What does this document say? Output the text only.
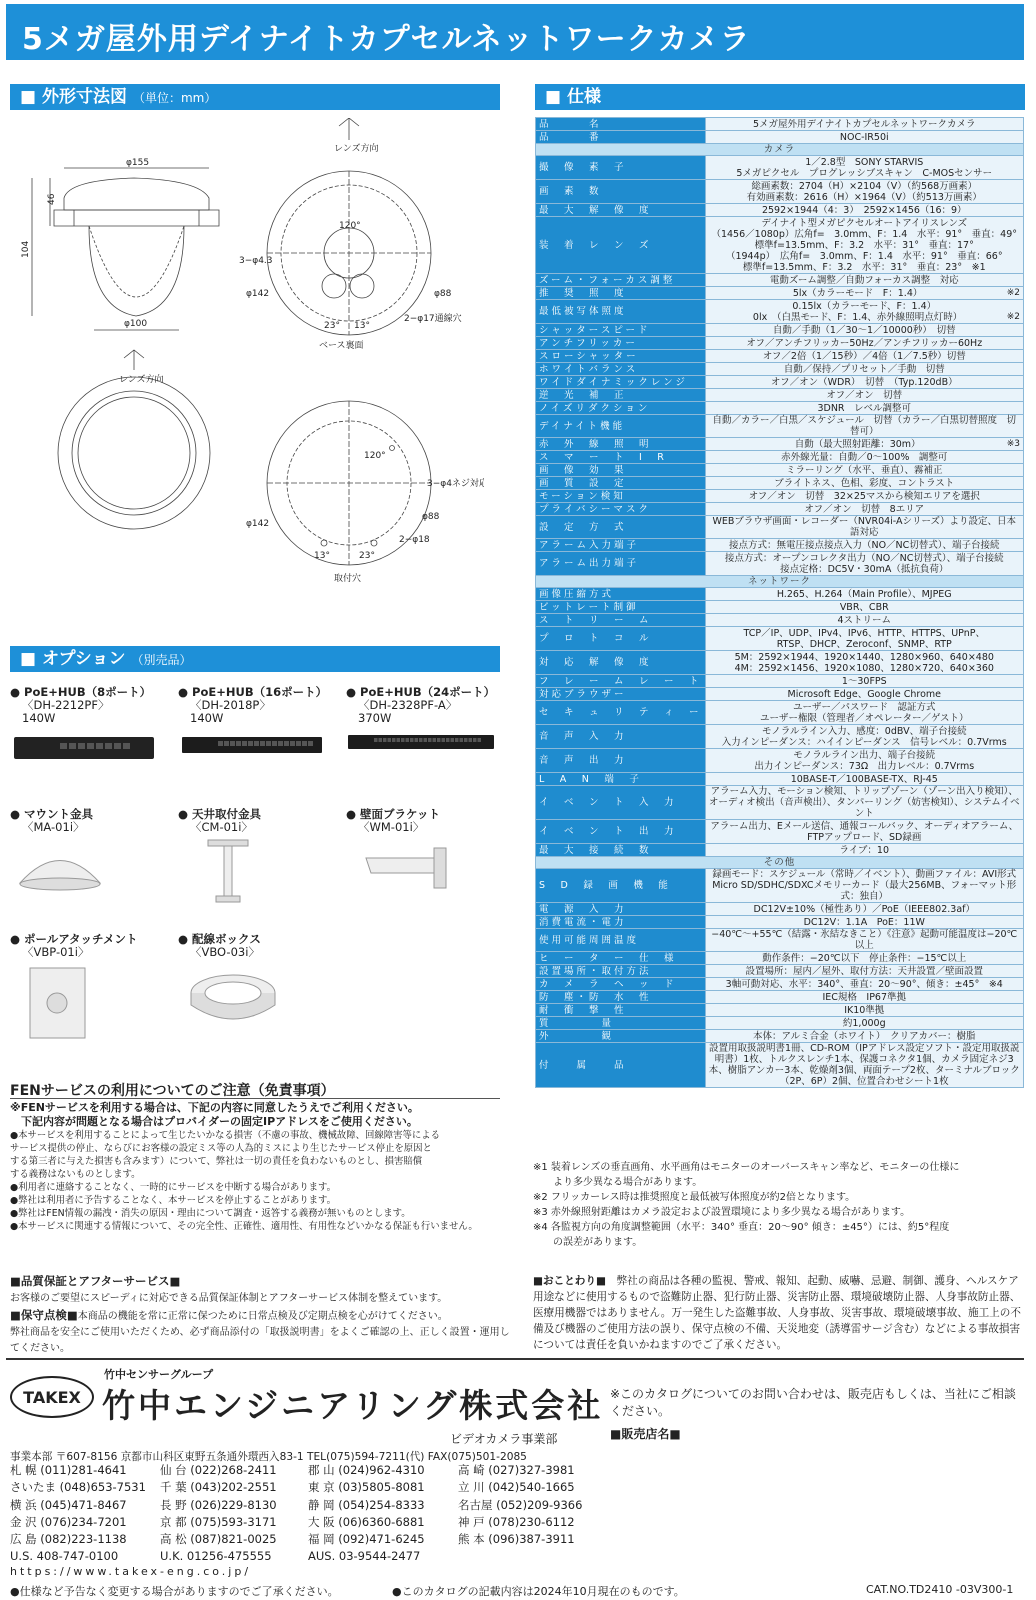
5メガ屋外用デイナイトカプセルネットワークカメラ
■ 外形寸法図 （単位：mm）	■ 仕様
φ155
46
104
φ100
レンズ方向
120°
3−φ4.3
φ142	φ88
23° 13°
2−φ17通線穴
ベース裏面
レンズ方向
120°
3−φ4ネジ対応
φ142
φ88
2−φ18
13°	23°
取付穴
品　　　名	5メガ屋外用デイナイトカプセルネットワークカメラ
品　　　番	NOC-IR50i
カメラ	
撮　像　素　子	1／2.8型　SONY STARVIS
5メガピクセル　プログレッシブスキャン　C-MOSセンサー
画　素　数	総画素数：2704（H）×2104（V）（約568万画素）
有効画素数：2616（H）×1964（V）（約513万画素）
最　大　解　像　度	2592×1944（4：3）　2592×1456（16：9）
装　着　レ　ン　ズ	デイナイト型メガピクセルオートアイリスレンズ
（1456／1080p）広角f=　3.0mm、F：1.4　水平：91°　垂直：49°
標準f=13.5mm、F：3.2　水平：31°　垂直：17°
（1944p）　広角f=　3.0mm、F：1.4　水平：91°　垂直：66°
標準f=13.5mm、F：3.2　水平：31°　垂直：23°　※1
ズーム・フォーカス調整	電動ズーム調整／自動フォーカス調整　対応
推　奨　照　度	5lx（カラーモード　F：1.4） ※2

最低被写体照度	0.15lx（カラーモード、F：1.4）
0lx　（白黒モード、F：1.4、赤外線照明点灯時） ※2

シャッタースピード	自動／手動（1／30〜1／10000秒）　切替
アンチフリッカー	オフ／アンチフリッカー50Hz／アンチフリッカー60Hz
スローシャッター	オフ／2倍（1／15秒）／4倍（1／7.5秒）切替
ホワイトバランス	自動／保持／プリセット／手動　切替
ワイドダイナミックレンジ	オフ／オン（WDR）　切替　（Typ.120dB）
逆　光　補　正	オフ／オン　切替
ノイズリダクション	3DNR　レベル調整可
デイナイト機能	自動／カラー／白黒／スケジュール　切替（カラー／白黒切替照度　切替可）
赤　外　線　照　明	自動（最大照射距離：30m） ※3

ス　マ　ー　ト　I　R	赤外線光量：自動／0〜100%　調整可
画　像　効　果	ミラーリング（水平、垂直）、霧補正
画　質　設　定	ブライトネス、色相、彩度、コントラスト
モーション検知	オフ／オン　切替　32×25マスから検知エリアを選択
プライバシーマスク	オフ／オン　切替　8エリア
設　定　方　式	WEBブラウザ画面・レコーダー（NVR04i-Aシリーズ）より設定、日本語対応
アラーム入力端子	接点方式：無電圧接点接点入力（NO／NC切替式）、端子台接続
アラーム出力端子	接点方式：オープンコレクタ出力（NO／NC切替式）、端子台接続
接点定格：DC5V・30mA（抵抗負荷）
ネットワーク	
画像圧縮方式	H.265、H.264（Main Profile）、MJPEG
ビットレート制御	VBR、CBR
ス　ト　リ　ー　ム	4ストリーム
プ　ロ　ト　コ　ル	TCP／IP、UDP、IPv4、IPv6、HTTP、HTTPS、UPnP、
RTSP、DHCP、Zeroconf、SNMP、RTP
対　応　解　像　度	5M：2592×1944、1920×1440、1280×960、640×480
4M：2592×1456、1920×1080、1280×720、640×360
フ　レ　ー　ム　レ　ー　ト	1〜30FPS
対応ブラウザー	Microsoft Edge、Google Chrome
セ　キ　ュ　リ　テ　ィ　ー	ユーザー／パスワード　認証方式
ユーザー権限（管理者／オペレーター／ゲスト）
音　声　入　力	モノラルライン入力、感度：0dBV、端子台接続
入力インピーダンス：ハイインピーダンス　信号レベル：0.7Vrms
音　声　出　力	モノラルライン出力、端子台接続
出力インピーダンス：73Ω　出力レベル：0.7Vrms
L　A　N　端　子	10BASE-T／100BASE-TX、RJ-45
イ　ベ　ン　ト　入　力	アラーム入力、モーション検知、トリップゾーン（ゾーン出入り検知）、
オーディオ検出（音声検出）、タンパーリング（妨害検知）、システムイベント
イ　ベ　ン　ト　出　力	アラーム出力、Eメール送信、通報コールバック、オーディオアラーム、
FTPアップロード、SD録画
最　大　接　続　数	ライブ：10
その他	
S　D　録　画　機　能	録画モード：スケジュール（常時／イベント）、動画ファイル：AVI形式
Micro SD/SDHC/SDXCメモリーカード（最大256MB、フォーマット形式：独自）
電　源　入　力	DC12V±10%（極性あり）／PoE（IEEE802.3af）
消費電流・電力	DC12V：1.1A　PoE：11W
使用可能周囲温度	−40℃〜+55℃（結露・氷結なきこと）《注意》起動可能温度は−20℃以上
ヒ　ー　タ　ー　仕　様	動作条件：−20℃以下　停止条件：−15℃以上
設置場所・取付方法	設置場所：屋内／屋外、取付方法：天井設置／壁面設置
カ　メ　ラ　ヘ　ッ　ド	3軸可動対応、水平：340°、垂直：20〜90°、傾き：±45°　※4
防　塵・防　水　性	IEC規格　IP67準拠
耐　衝　撃　性	IK10準拠
質　　　　量	約1,000g
外　　　　観	本体：アルミ合金（ホワイト）　クリアカバー：樹脂
付　　属　　品	設置用取扱説明書1冊、CD-ROM（IPアドレス設定ソフト・設定用取扱説明書）1枚、トルクスレンチ1本、保護コネクタ1個、カメラ固定ネジ3本、樹脂アンカー3本、乾燥剤3個、両面テープ2枚、ターミナルブロック（2P、6P）2個、位置合わせシート1枚
■ オプション （別売品）
● PoE+HUB（8ポート）
〈DH-2212PF〉
140W
● PoE+HUB（16ポート）
〈DH-2018P〉
140W
● PoE+HUB（24ポート）
〈DH-2328PF-A〉
370W
● マウント金具
〈MA-01i〉
● 天井取付金具
〈CM-01i〉
● 壁面ブラケット
〈WM-01i〉
● ポールアタッチメント
〈VBP-01i〉
● 配線ボックス
〈VBO-03i〉
FENサービスの利用についてのご注意（免責事項）
※FENサービスを利用する場合は、下記の内容に同意したうえでご利用ください。
　下記内容が問題となる場合はプロバイダーの固定IPアドレスをご使用ください。
●本サービスを利用することによって生じたいかなる損害（不慮の事故、機械故障、回線障害等による
サービス提供の停止、ならびにお客様の設定ミス等の人為的ミスにより生じたサービス停止を原因と
する第三者に与えた損害も含みます）について、弊社は一切の責任を負わないものとし、損害賠償
する義務はないものとします。
●利用者に連絡することなく、一時的にサービスを中断する場合があります。
●弊社は利用者に予告することなく、本サービスを停止することがあります。
●弊社はFEN情報の漏洩・消失の原因・理由について調査・返答する義務が無いものとします。
●本サービスに関連する情報について、その完全性、正確性、適用性、有用性などいかなる保証も行いません。
※1 装着レンズの垂直画角、水平画角はモニターのオーバースキャン率など、モニターの仕様に
　　より多少異なる場合があります。
※2 フリッカーレス時は推奨照度と最低被写体照度が約2倍となります。
※3 赤外線照射距離はカメラ設定および設置環境により多少異なる場合があります。
※4 各監視方向の角度調整範囲（水平：340° 垂直：20〜90° 傾き：±45°）には、約5°程度
　　の誤差があります。
■品質保証とアフターサービス■
お客様のご要望にスピーディに対応できる品質保証体制とアフターサービス体制を整えています。
■保守点検■本商品の機能を常に正常に保つために日常点検及び定期点検を心がけてください。
弊社商品を安全にご使用いただくため、必ず商品添付の「取扱説明書」をよくご確認の上、正しく設置・運用してください。
■おことわり■　 弊社の商品は各種の監視、警戒、報知、起動、威嚇、忌避、制御、護身、ヘルスケア用途などに使用するもので盗難防止器、犯行防止器、災害防止器、環境破壊防止器、人身事故防止器、医療用機器ではありません。万一発生した盗難事故、人身事故、災害事故、環境破壊事故、施工上の不備及び機器のご使用方法の誤り、保守点検の不備、天災地変（誘導雷サージ含む）などによる事故損害については責任を負いかねますのでご了承ください。
TAKEX
竹中センサーグループ
竹中エンジニアリング株式会社
ビデオカメラ事業部
事業本部 〒607-8156 京都市山科区東野五条通外環西入83-1 TEL(075)594-7211(代) FAX(075)501-2085
札 幌 (011)281-4641	仙 台 (022)268-2411	郡 山 (024)962-4310	高 崎 (027)327-3981
さいたま (048)653-7531	千 葉 (043)202-2551	東 京 (03)5805-8081	立 川 (042)540-1665
横 浜 (045)471-8467	長 野 (026)229-8130	静 岡 (054)254-8333	名古屋 (052)209-9366
金 沢 (076)234-7201	京 都 (075)593-3171	大 阪 (06)6360-6881	神 戸 (078)230-6112
広 島 (082)223-1138	高 松 (087)821-0025	福 岡 (092)471-6245	熊 本 (096)387-3911
U.S. 408-747-0100	U.K. 01256-475555	AUS. 03-9544-2477
https://www.takex-eng.co.jp/
※このカタログについてのお問い合わせは、販売店もしくは、当社にご相談ください。
■販売店名■
●仕様など予告なく変更する場合がありますのでご了承ください。	●このカタログの記載内容は2024年10月現在のものです。	CAT.NO.TD2410 -03V300-1
